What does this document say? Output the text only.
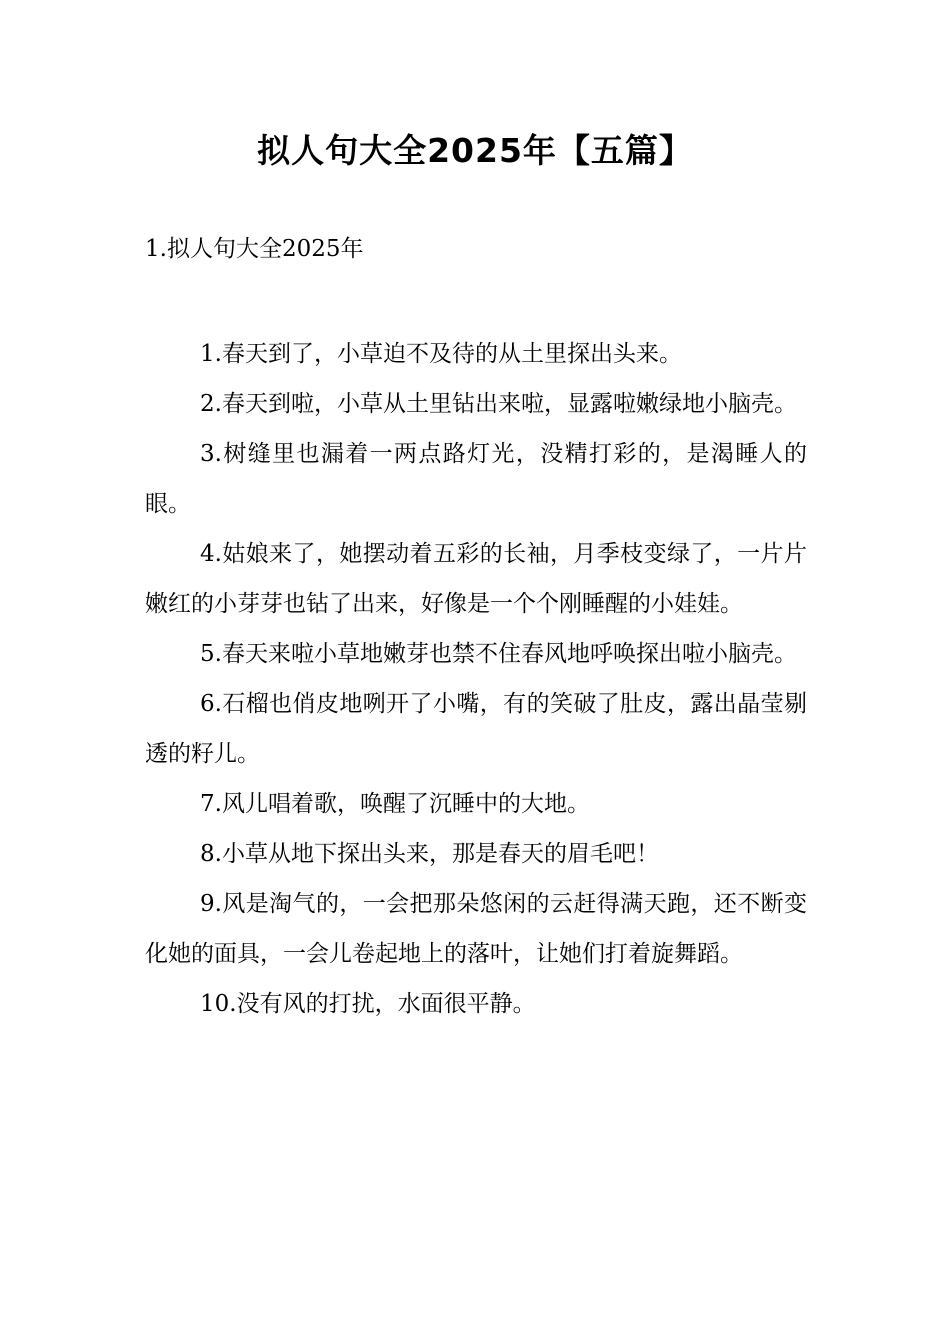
拟人句大全2025年【五篇】
1.拟人句大全2025年
1.春天到了，小草迫不及待的从土里探出头来。
2.春天到啦，小草从土里钻出来啦，显露啦嫩绿地小脑壳。
3.树缝里也漏着一两点路灯光，没精打彩的，是渴睡人的眼。
4.姑娘来了，她摆动着五彩的长袖，月季枝变绿了，一片片嫩红的小芽芽也钻了出来，好像是一个个刚睡醒的小娃娃。
5.春天来啦小草地嫩芽也禁不住春风地呼唤探出啦小脑壳。
6.石榴也俏皮地咧开了小嘴，有的笑破了肚皮，露出晶莹剔透的籽儿。
7.风儿唱着歌，唤醒了沉睡中的大地。
8.小草从地下探出头来，那是春天的眉毛吧！
9.风是淘气的，一会把那朵悠闲的云赶得满天跑，还不断变化她的面具，一会儿卷起地上的落叶，让她们打着旋舞蹈。
10.没有风的打扰，水面很平静。
